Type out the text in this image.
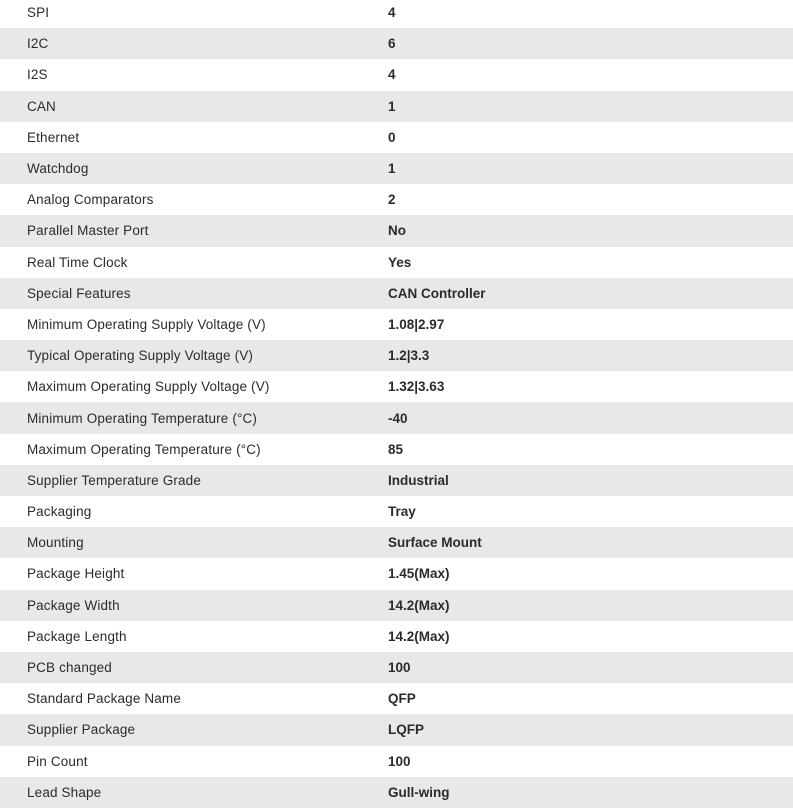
SPI	4
I2C	6
I2S	4
CAN	1
Ethernet	0
Watchdog	1
Analog Comparators	2
Parallel Master Port	No
Real Time Clock	Yes
Special Features	CAN Controller
Minimum Operating Supply Voltage (V)	1.08|2.97
Typical Operating Supply Voltage (V)	1.2|3.3
Maximum Operating Supply Voltage (V)	1.32|3.63
Minimum Operating Temperature (°C)	-40
Maximum Operating Temperature (°C)	85
Supplier Temperature Grade	Industrial
Packaging	Tray
Mounting	Surface Mount
Package Height	1.45(Max)
Package Width	14.2(Max)
Package Length	14.2(Max)
PCB changed	100
Standard Package Name	QFP
Supplier Package	LQFP
Pin Count	100
Lead Shape	Gull-wing
